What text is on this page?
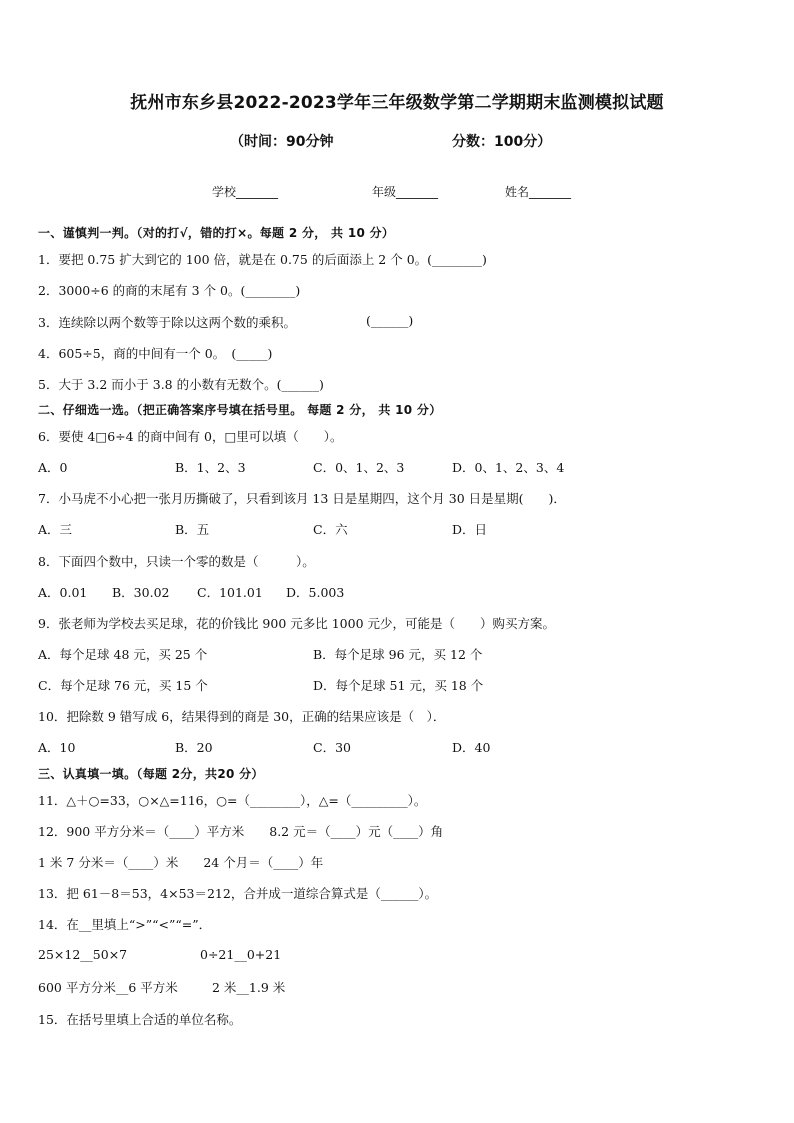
抚州市东乡县2022-2023学年三年级数学第二学期期末监测模拟试题
（时间：90分钟	分数：100分）
学校_______	年级_______	姓名_______
一、谨慎判一判。（对的打√，错的打×。每题 2 分， 共 10 分）
1．要把 0.75 扩大到它的 100 倍，就是在 0.75 的后面添上 2 个 0。(________)
2．3000÷6 的商的末尾有 3 个 0。(________)
3．连续除以两个数等于除以这两个数的乘积。	(______)
4．605÷5，商的中间有一个 0。　(_____)
5．大于 3.2 而小于 3.8 的小数有无数个。(______)
二、仔细选一选。（把正确答案序号填在括号里。 每题 2 分， 共 10 分）
6．要使 4□6÷4 的商中间有 0，□里可以填（　　）。
A．0	B．1、2、3	C．0、1、2、3	D．0、1、2、3、4
7．小马虎不小心把一张月历撕破了，只看到该月 13 日是星期四，这个月 30 日是星期(　　)．
A．三	B．五	C．六	D．日
8．下面四个数中，只读一个零的数是（　　　）。
A．0.01 B．30.02 C．101.01 D．5.003
9．张老师为学校去买足球，花的价钱比 900 元多比 1000 元少，可能是（　　）购买方案。
A．每个足球 48 元，买 25 个	B．每个足球 96 元，买 12 个
C．每个足球 76 元，买 15 个	D．每个足球 51 元，买 18 个
10．把除数 9 错写成 6，结果得到的商是 30，正确的结果应该是（　）．
A．10	B．20	C．30	D．40
三、认真填一填。（每题 2分，共20 分）
11．△＋○=33，○×△=116，○=（________），△=（_________）。
12．900 平方分米＝（____）平方米　　8.2 元＝（____）元（____）角
1 米 7 分米＝（____）米　　24 个月＝（____）年
13．把 61－8＝53，4×53＝212，合并成一道综合算式是（______）。
14．在__里填上“>”“<”“=”．
25×12__50×7	0÷21__0+21
600 平方分米__6 平方米	2 米__1.9 米
15．在括号里填上合适的单位名称。
